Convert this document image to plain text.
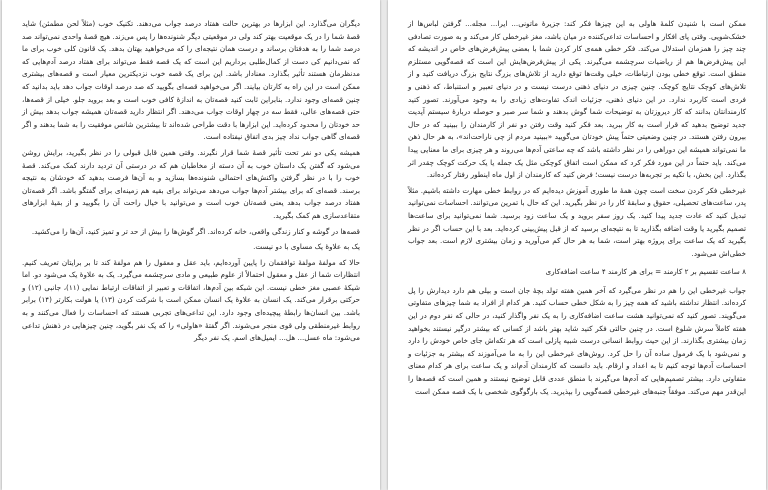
دیگران می‌گذارد. این ابزارها در بهترین حالت هفتاد درصد جواب می‌دهند. تکنیک خوب (مثلاً لحن مطمئن) شاید قصهٔ شما را در یک موقعیت بهتر کند ولی در موقعیتی دیگر شنونده‌ها را پس می‌زند. هیچ قصهٔ واحدی نمی‌تواند صد درصد شما را به هدفتان برساند و درست همان نتیجه‌ای را که می‌خواهید بهتان بدهد. یک قانون کلی خوب برای ما که نمی‌دانیم کی دست از کمال‌طلبی برداریم این است که یک قصه فقط می‌تواند برای هفتاد درصد آدم‌هایی که مدنظرمان هستند تأثیر بگذارد. معنادار باشد. این برای یک قصه خوب نزدیکترین معیار است و قصه‌های بیشتری ممکن است در این راه به کارتان بیایند. اگر می‌خواهید قصه‌ای بگویید که صد درصد اوقات جواب دهد باید بدانید که چنین قصه‌ای وجود ندارد. بنابراین ثابت کنید قصه‌تان به اندازهٔ کافی خوب است و بعد بروید جلو. خیلی از قصه‌ها، حتی قصه‌های عالی، فقط سه در چهار اوقات جواب می‌دهند. اگر انتظار دارید قصه‌تان همیشه جواب بدهد بیش از حد خودتان را محدود کرده‌اید. این ابزارها با دقت طراحی شده‌اند تا بیشترین شانس موفقیت را به شما بدهند و اگر قصه‌ای گاهی جواب نداد چیز بدی اتفاق نیفتاده است.

همیشه یکی دو نفر تحت تأثیر قصهٔ شما قرار نگیرند. وقتی همین قابل قبولی را در نظر بگیرید، برایش روشن می‌شود که گفتن یک داستان خوب به آن دسته از مخاطبان هم که در درستی آن تردید دارند کمک می‌کند. قصهٔ خوب را با در نظر گرفتن واکنش‌های احتمالی شنونده‌ها بسازید و به آن‌ها فرصت بدهید که خودشان به نتیجه برسند. قصه‌ای که برای بیشتر آدم‌ها جواب می‌دهد می‌تواند برای بقیه هم زمینه‌ای برای گفتگو باشد. اگر قصه‌تان هفتاد درصد جواب بدهد یعنی قصه‌تان خوب است و می‌توانید با خیال راحت آن را بگویید و از بقیهٔ ابزارهای متقاعدسازی هم کمک بگیرید.

قصه‌ها در گوشه و کنار زندگی واقعی، خانه کرده‌اند. اگر گوش‌ها را بیش از حد تر و تمیز کنید، آن‌ها را می‌کشید.

یک به علاوهٔ یک مساوی با دو نیست.

حالا که مولفهٔ مولفهٔ توافقمان را پایین آورده‌ایم، باید عقل و معقول را هم مولفهٔ کند تا بر برایتان تعریف کنیم. انتظارات شما از عقل و معقول احتمالاً از علوم طبیعی و مادی سرچشمه می‌گیرد. یک به علاوهٔ یک می‌شود دو. اما شیکهٔ عصبی مغز خطی نیست. این شبکه بین آدم‌ها، اتفاقات و تعبیر از اتفاقات ارتباط نمایی (۱۱)، جانبی (۱۲) و حرکتی برقرار می‌کند. یک انسان به علاوهٔ یک انسان ممکن است با شرکت کردن (۱۳) یا هولت بکارتر (۱۴) برابر باشد. بین انسان‌ها رابطهٔ پیچیده‌ای وجود دارد. این تداعی‌های تجربی هستند که احساسات را فعال می‌کنند و به روابط غیرمنطقی ولی قوی منجر می‌شوند. اگر گفتهٔ «هاولی» را که یک نفر بگوید، چنین چیزهایی در ذهنش تداعی می‌شود: ماه عسل... هل... ایمیل‌های اسم. یک نفر دیگر

ممکن است با شنیدن کلمهٔ هاولی به این چیزها فکر کند: جزیرهٔ ماتونی... ایرا... مجله... گرفتن لباس‌ها از خشک‌شویی. وقتی پای افکار و احساسات تداعی‌کننده در میان باشد، مغز غیرخطی کار می‌کند و به صورت تصادفی چند چیز را همزمان استدلال می‌کند. فکر خطی همه‌ی کار کردن شما با بعضی پیش‌فرض‌های خاص در اندیشه که این پیش‌فرض‌ها هم از ریاضیات سرچشمه می‌گیرند. یکی از پیش‌فرض‌هایش این است که قصه‌گویی مستلزم منطق است. توقع خطی بودن ارتباطات، خیلی وقت‌ها توقع دارید از تلاش‌های بزرگ نتایج بزرگ دریافت کنید و از تلاش‌های کوچک نتایج کوچک. چنین چیزی در دنیای ذهنی درست نیست و در دنیای تعبیر و استنباط، که ذهنی و فردی است کاربرد ندارد. در این دنیای ذهنی، جزئیات اندک تفاوت‌های زیادی را به وجود می‌آورند. تصور کنید کارمندانتان بدانند که کار دیروزتان به توضیحات شما گوش بدهند و شما سر صبر و حوصله دربارهٔ سیستم آپدیت جدید توضیح بدهید که قرار است به کار ببرید. بعد فکر کنید وقت رفتن دو نفر از کارمندان را ببینید که در حال بیرون رفتن هستند. در چنین وضعیتی حتماً پیش خودتان می‌گویید «ببینید مردم از چی ناراحت‌اند»، به هر حال ذهن ما نمی‌تواند همیشه این دوراهی را در نظر داشته باشد که چه ساعتی آدم‌ها می‌روند و هر چیزی برای ما معنایی پیدا می‌کند. باید حتماً در این مورد فکر کرد که ممکن است اتفاق کوچکی مثل یک جمله یا یک حرکت کوچک چقدر اثر بگذارد. این بخش، با تکیه بر تجربه‌ها درست نیست؛ فرض کنید که کارمندان از اول ماه اینطور رفتار کرده‌اند.

غیرخطی فکر کردن سخت است چون همهٔ ما طوری آموزش دیده‌ایم که در روابط خطی مهارت داشته باشیم. مثلاً پدر، ساعت‌های تحصیلی، حقوق و سابقهٔ کار را در نظر بگیرید. این که حال با تمرین می‌توانند. احساسات نمی‌توانید تبدیل کنید که عادت جدید پیدا کنید. یک روز سفر بروید و یک ساعت زود برسید. شما نمی‌توانید برای ساعت‌ها تصمیم بگیرید یا وقت اضافه بگذارید تا به نتیجه‌ای برسید که از قبل پیش‌بینی کرده‌اید. بعد با این حساب اگر در نظر بگیرید که یک ساعت برای پروژه بهتر است، شما به هر حال کم می‌آورید و زمان بیشتری لازم است. بعد جواب خطی‌اش می‌شود.

۸ ساعت تقسیم بر ۲ کارمند = برای هر کارمند ۴ ساعت اضافه‌کاری

جواب غیرخطی این را هم در نظر می‌گیرد که آخر همین هفته تولد بچهٔ جان است و بیلی هم دارد دیدارش را پل کرده‌اند. انتظار نداشته باشید که همه چیز را به شکل خطی حساب کنید. هر کدام از افراد به شما چیزهای متفاوتی می‌گویند. تصور کنید که نمی‌توانید هشت ساعت اضافه‌کاری را به یک نفر واگذار کنید، در حالی که نفر دوم در این هفته کاملاً سرش شلوغ است. در چنین حالتی فکر کنید شاید بهتر باشد از کسانی که بیشتر درگیر نیستند بخواهید زمان بیشتری بگذارند. از این حیث روابط انسانی درست شبیه پازلی است که هر تکه‌اش جای خاص خودش را دارد و نمی‌شود با یک فرمول ساده آن را حل کرد. روش‌های غیرخطی این را به ما می‌آموزند که بیشتر به جزئیات و احساسات آدم‌ها توجه کنیم تا به اعداد و ارقام. باید دانست که کارمندان آدم‌اند و یک ساعت برای هر کدام معنای متفاوتی دارد. بیشتر تصمیم‌هایی که آدم‌ها می‌گیرند با منطق عددی قابل توضیح نیستند و همین است که قصه‌ها را این‌قدر مهم می‌کند. موفقاً جنبه‌های غیرخطی قصه‌گویی را بپذیرید. یک بارگوگوی شخصی با یک قصه ممکن است
